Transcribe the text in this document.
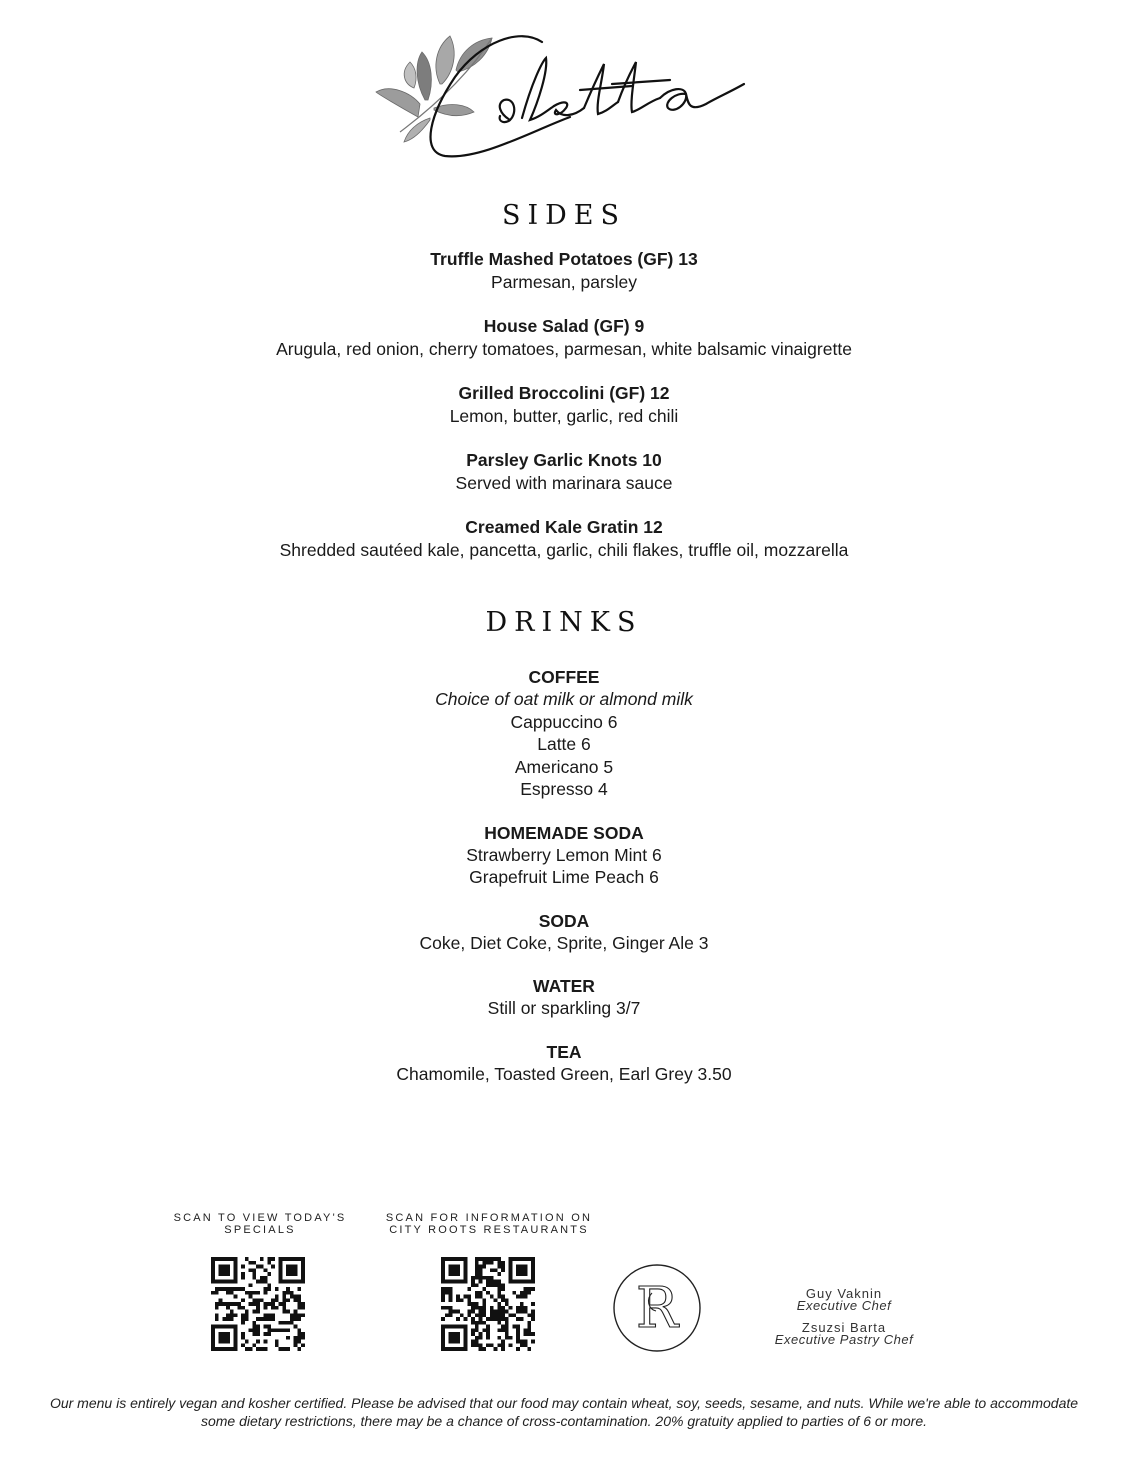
SIDES
Truffle Mashed Potatoes (GF) 13
Parmesan, parsley
House Salad (GF) 9
Arugula, red onion, cherry tomatoes, parmesan, white balsamic vinaigrette
Grilled Broccolini (GF) 12
Lemon, butter, garlic, red chili
Parsley Garlic Knots 10
Served with marinara sauce
Creamed Kale Gratin 12
Shredded sautéed kale, pancetta, garlic, chili flakes, truffle oil, mozzarella
DRINKS
COFFEE
Choice of oat milk or almond milk
Cappuccino 6
Latte 6
Americano 5
Espresso 4
HOMEMADE SODA
Strawberry Lemon Mint 6
Grapefruit Lime Peach 6
SODA
Coke, Diet Coke, Sprite, Ginger Ale 3
WATER
Still or sparkling 3/7
TEA
Chamomile, Toasted Green, Earl Grey 3.50
SCAN TO VIEW TODAY'S SPECIALS
SCAN FOR INFORMATION ON CITY ROOTS RESTAURANTS
R	Guy Vaknin
Executive Chef
Zsuzsi Barta
Executive Pastry Chef
Our menu is entirely vegan and kosher certified. Please be advised that our food may contain wheat, soy, seeds, sesame, and nuts. While we're able to accommodate some dietary restrictions, there may be a chance of cross-contamination. 20% gratuity applied to parties of 6 or more.
